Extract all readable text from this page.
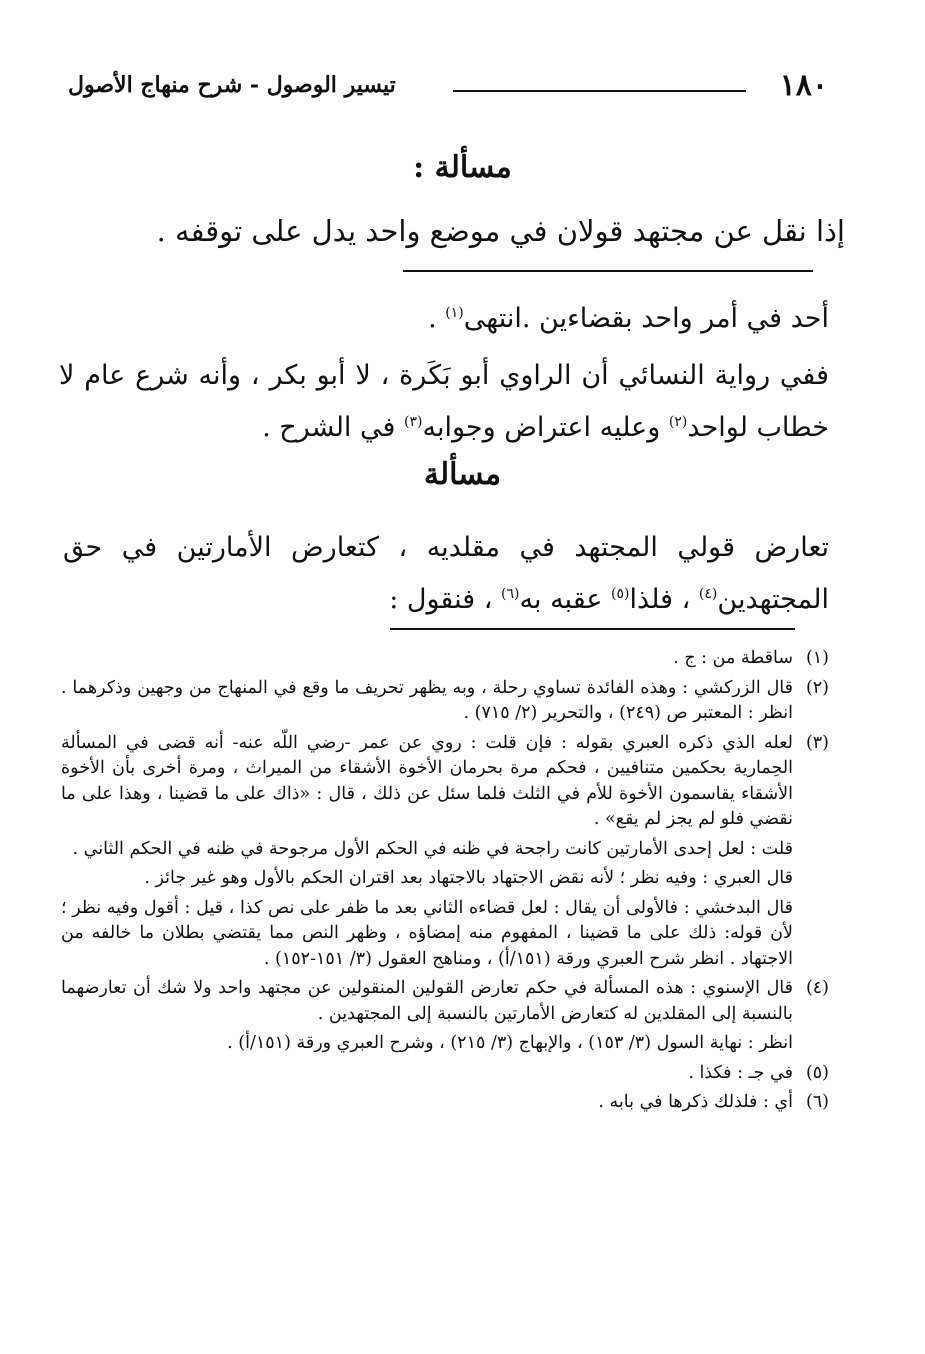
١٨٠
تيسير الوصول - شرح منهاج الأصول
مسألة :
إذا نقل عن مجتهد قولان في موضع واحد يدل على توقفه .
أحد في أمر واحد بقضاءين .انتهى$^{(١)}$ .
ففي رواية النسائي أن الراوي أبو بَكَرة ، لا أبو بكر ، وأنه شرع عام لا خطاب لواحد$^{(٢)}$ وعليه اعتراض وجوابه$^{(٣)}$ في الشرح .
مسألة
تعارض قولي المجتهد في مقلديه ، كتعارض الأمارتين في حق المجتهدين$^{(٤)}$ ، فلذا$^{(٥)}$ عقبه به$^{(٦)}$ ، فنقول :
(١)
ساقطة من : ج .
(٢)
قال الزركشي : وهذه الفائدة تساوي رحلة ، وبه يظهر تحريف ما وقع في المنهاج من وجهين وذكرهما . انظر : المعتبر ص (٢٤٩) ، والتحرير (٢/ ٧١٥) .
(٣)
لعله الذي ذكره العبري بقوله : فإن قلت : روي عن عمر -رضي اللّه عنه- أنه قضى في المسألة الحِمارية بحكمين متنافيين ، فحكم مرة بحرمان الأخوة الأشقاء من الميراث ، ومرة أخرى بأن الأخوة الأشقاء يقاسمون الأخوة للأم في الثلث فلما سئل عن ذلك ، قال : «ذاك على ما قضينا ، وهذا على ما نقضي فلو لم يجز لم يقع» .
قلت : لعل إحدى الأمارتين كانت راجحة في ظنه في الحكم الأول مرجوحة في ظنه في الحكم الثاني .
قال العبري : وفيه نظر ؛ لأنه نقض الاجتهاد بالاجتهاد بعد اقتران الحكم بالأول وهو غير جائز .
قال البدخشي : فالأولى أن يقال : لعل قضاءه الثاني بعد ما ظفر على نص كذا ، قيل : أقول وفيه نظر ؛ لأن قوله: ذلك على ما قضينا ، المفهوم منه إمضاؤه ، وظهر النص مما يقتضي بطلان ما خالفه من الاجتهاد . انظر شرح العبري ورقة (١٥١/أ) ، ومناهج العقول (٣/ ١٥١-١٥٢) .
(٤)
قال الإسنوي : هذه المسألة في حكم تعارض القولين المنقولين عن مجتهد واحد ولا شك أن تعارضهما بالنسبة إلى المقلدين له كتعارض الأمارتين بالنسبة إلى المجتهدين .
انظر : نهاية السول (٣/ ١٥٣) ، والإبهاج (٣/ ٢١٥) ، وشرح العبري ورقة (١٥١/أ) .
(٥)
في جـ : فكذا .
(٦)
أي : فلذلك ذكرها في بابه .
